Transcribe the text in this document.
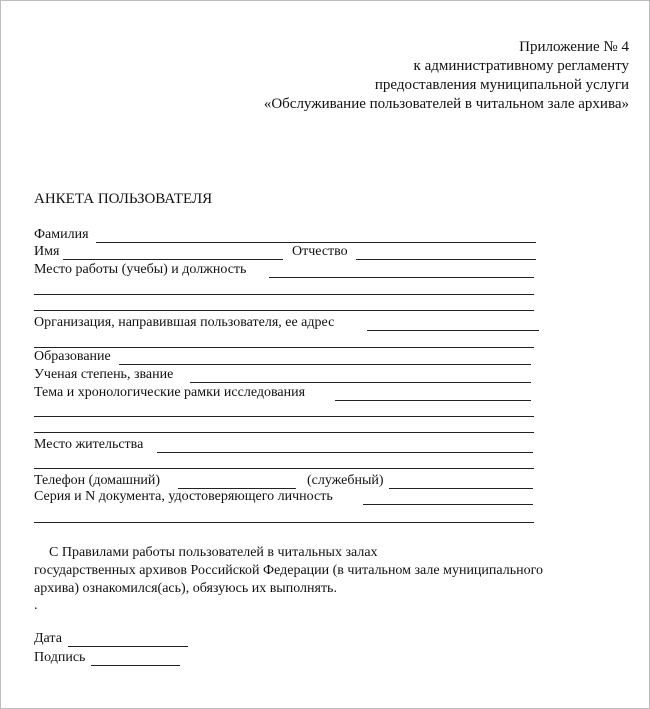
Приложение № 4
к административному регламенту
предоставления муниципальной услуги
«Обслуживание пользователей в читальном зале архива»
АНКЕТА ПОЛЬЗОВАТЕЛЯ
Фамилия
Имя	Отчество
Место работы (учебы) и должность
Организация, направившая пользователя, ее адрес
Образование
Ученая степень, звание
Тема и хронологические рамки исследования
Место жительства
Телефон (домашний)	(служебный)
Серия и N документа, удостоверяющего личность
С Правилами работы пользователей в читальных залах
государственных архивов Российской Федерации (в читальном зале муниципального
архива) ознакомился(ась), обязуюсь их выполнять.
.
Дата
Подпись
